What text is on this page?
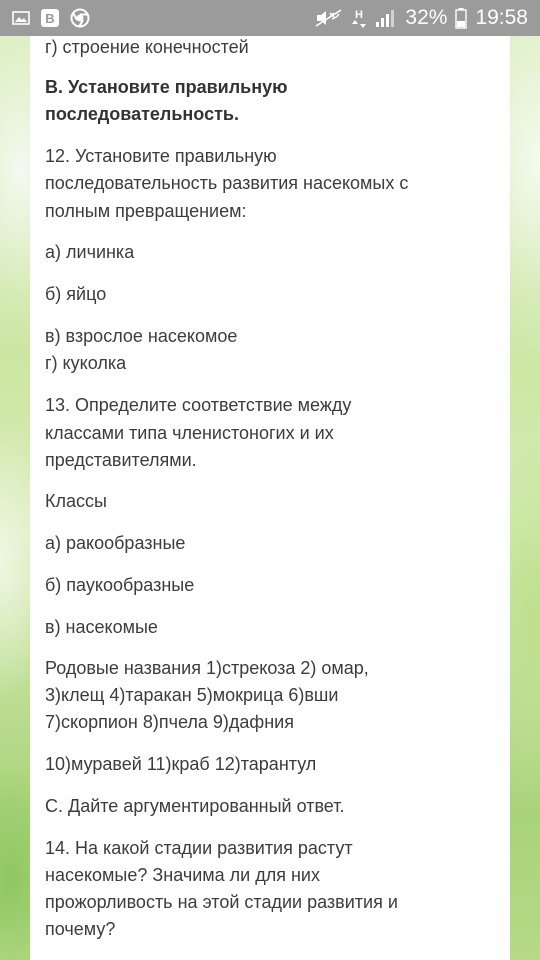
B	H 32% 19:58
г) строение конечностей
В. Установите правильную
последовательность.
12. Установите правильную
последовательность развития насекомых с
полным превращением:
а) личинка
б) яйцо
в) взрослое насекомое
г) куколка
13. Определите соответствие между
классами типа членистоногих и их
представителями.
Классы
а) ракообразные
б) паукообразные
в) насекомые
Родовые названия 1)стрекоза 2) омар,
3)клещ 4)таракан 5)мокрица 6)вши
7)скорпион 8)пчела 9)дафния
10)муравей 11)краб 12)тарантул
С. Дайте аргументированный ответ.
14. На какой стадии развития растут
насекомые? Значима ли для них
прожорливость на этой стадии развития и
почему?
